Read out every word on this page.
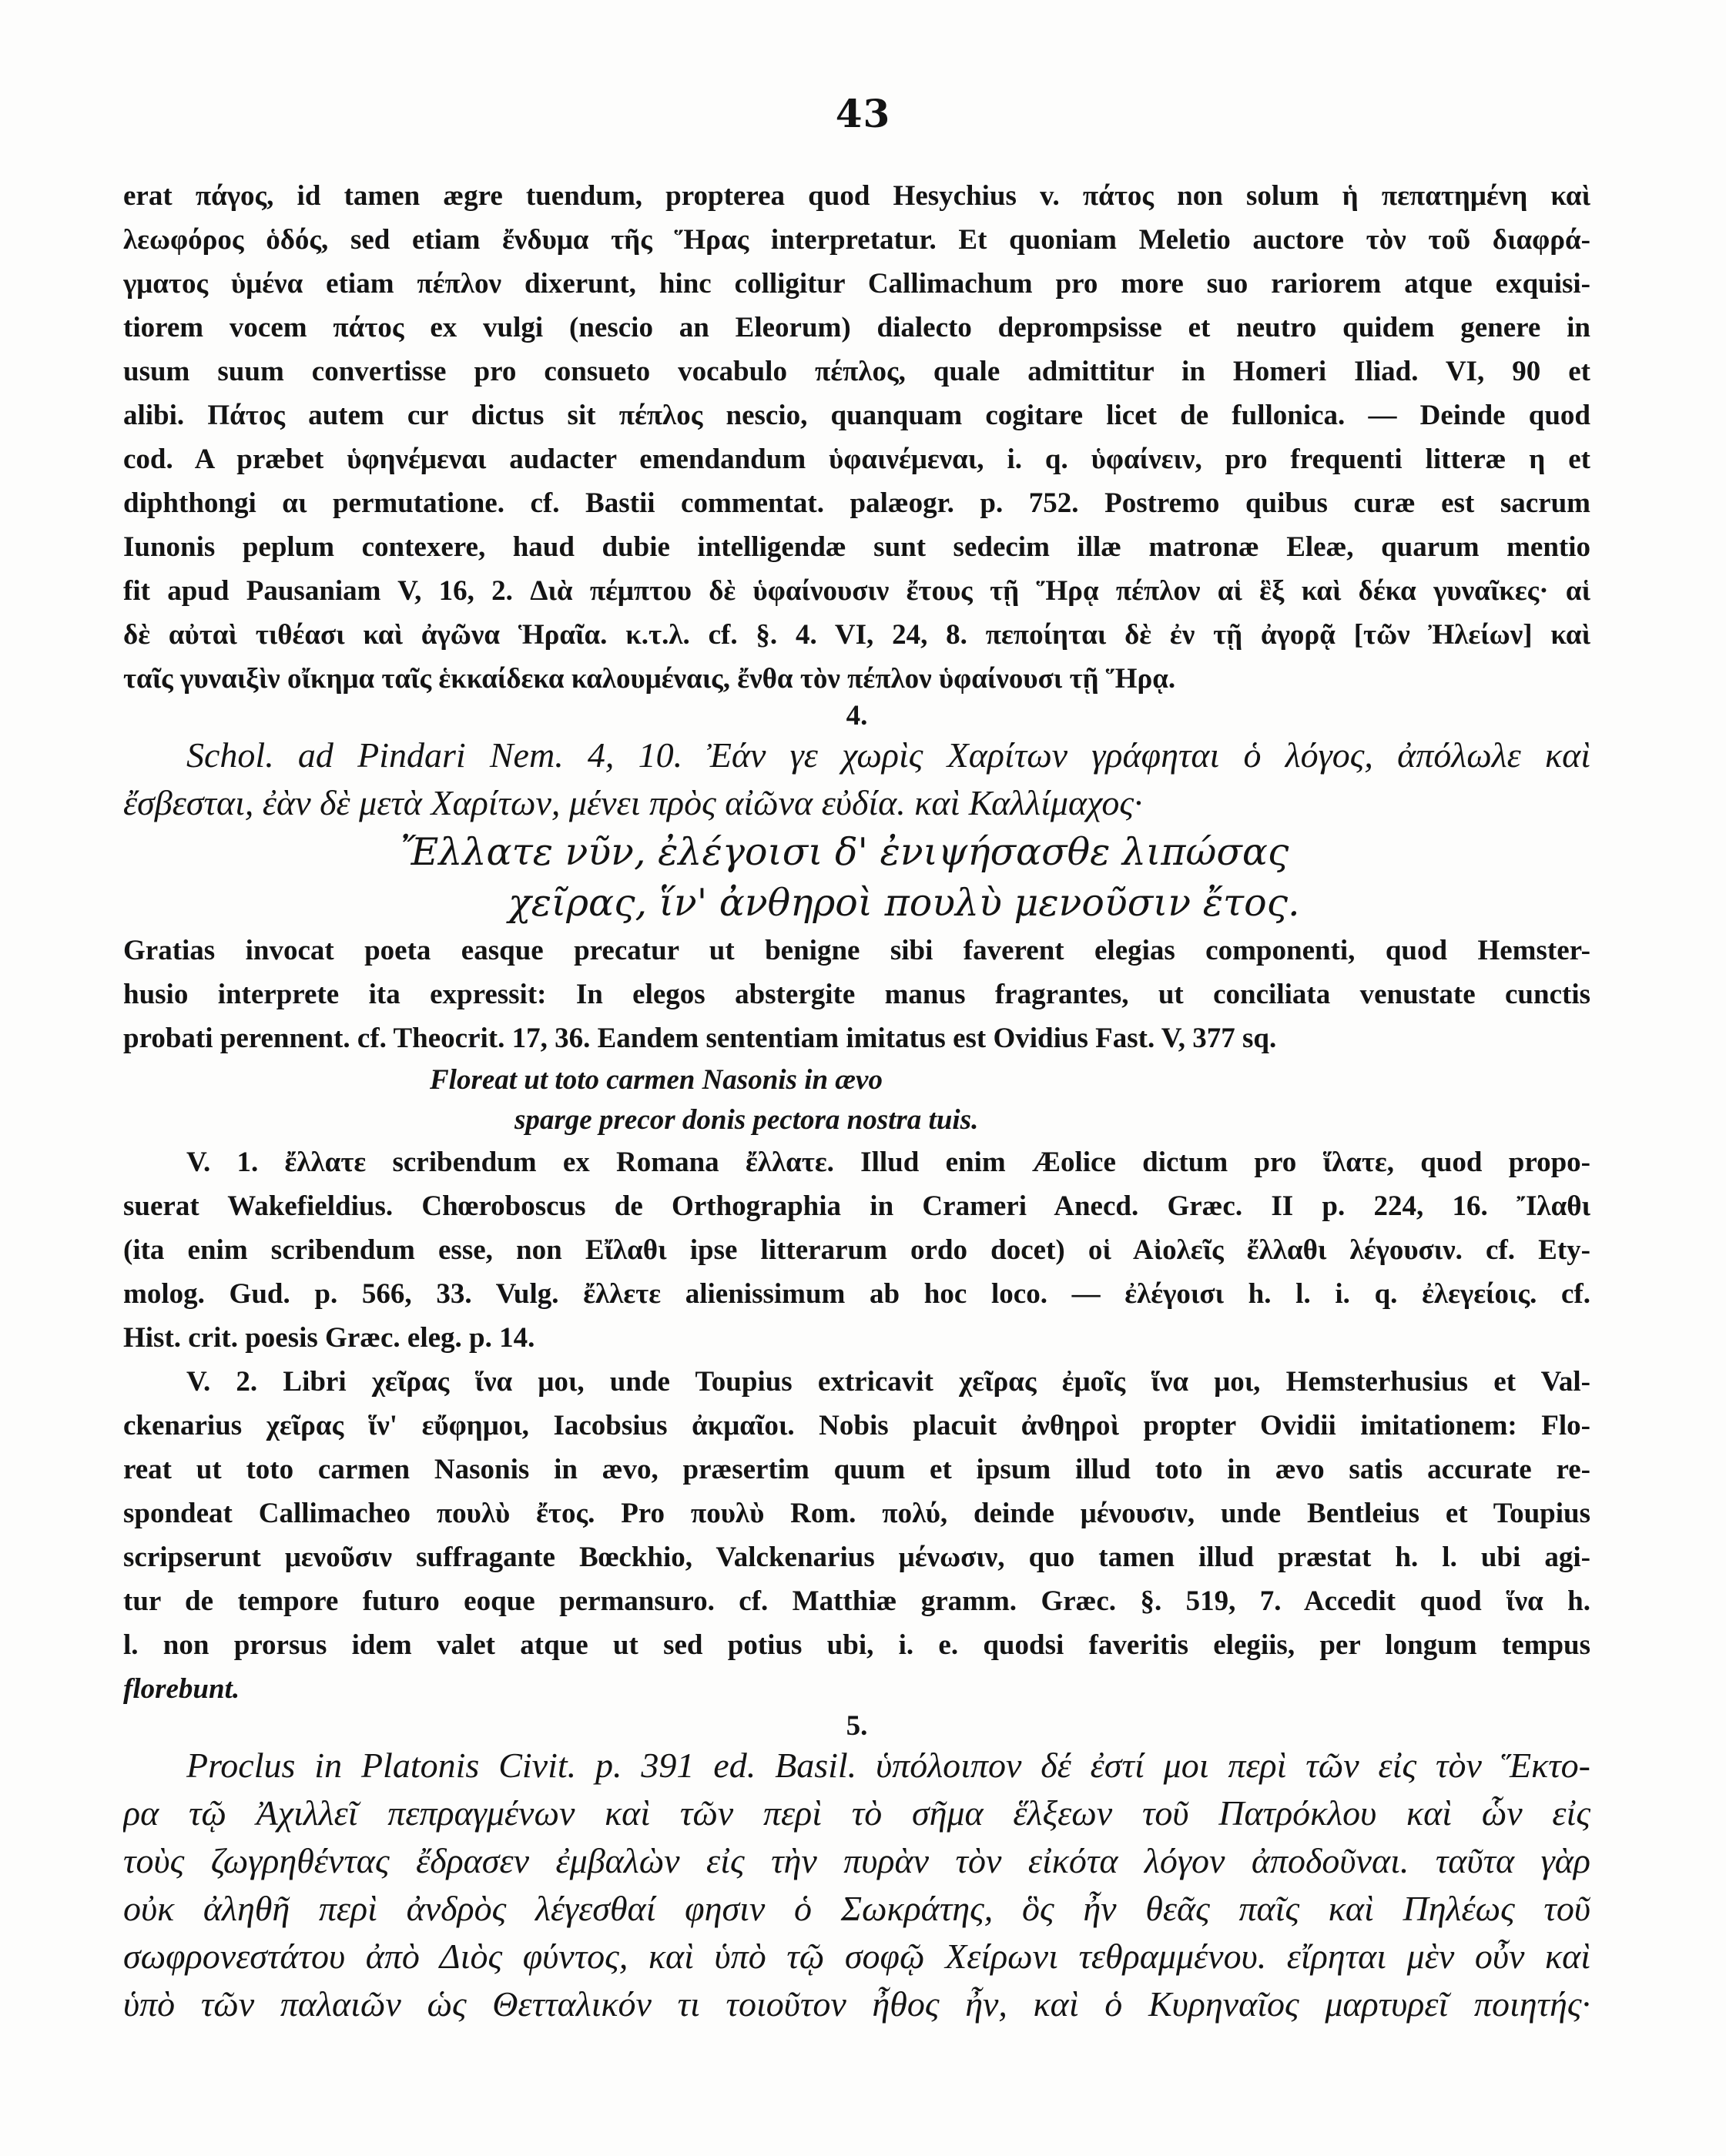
43
erat πάγος, id tamen ægre tuendum, propterea quod Hesychius v. πάτος non solum ἡ πεπατημένη καὶ
λεωφόρος ὁδός, sed etiam ἔνδυμα τῆς Ἥρας interpretatur. Et quoniam Meletio auctore τὸν τοῦ διαφρά-
γματος ὑμένα etiam πέπλον dixerunt, hinc colligitur Callimachum pro more suo rariorem atque exquisi-
tiorem vocem πάτος ex vulgi (nescio an Eleorum) dialecto deprompsisse et neutro quidem genere in
usum suum convertisse pro consueto vocabulo πέπλος, quale admittitur in Homeri Iliad. VI, 90 et
alibi. Πάτος autem cur dictus sit πέπλος nescio, quanquam cogitare licet de fullonica. — Deinde quod
cod. A præbet ὑφηνέμεναι audacter emendandum ὑφαινέμεναι, i. q. ὑφαίνειν, pro frequenti litteræ η et
diphthongi αι permutatione. cf. Bastii commentat. palæogr. p. 752. Postremo quibus curæ est sacrum
Iunonis peplum contexere, haud dubie intelligendæ sunt sedecim illæ matronæ Eleæ, quarum mentio
fit apud Pausaniam V, 16, 2. Διὰ πέμπτου δὲ ὑφαίνουσιν ἔτους τῇ Ἥρᾳ πέπλον αἱ ἓξ καὶ δέκα γυναῖκες· αἱ
δὲ αὐταὶ τιθέασι καὶ ἀγῶνα Ἡραῖα. κ.τ.λ. cf. §. 4. VI, 24, 8. πεποίηται δὲ ἐν τῇ ἀγορᾷ [τῶν Ἠλείων] καὶ
ταῖς γυναιξὶν οἴκημα ταῖς ἑκκαίδεκα καλουμέναις, ἔνθα τὸν πέπλον ὑφαίνουσι τῇ Ἥρᾳ.
4.
Schol. ad Pindari Nem. 4, 10. Ἐάν γε χωρὶς Χαρίτων γράφηται ὁ λόγος, ἀπόλωλε καὶ
ἔσβεσται, ἐὰν δὲ μετὰ Χαρίτων, μένει πρὸς αἰῶνα εὐδία. καὶ Καλλίμαχος·
Ἔλλατε νῦν, ἐλέγοισι δ' ἐνιψήσασθε λιπώσας
χεῖρας, ἵν' ἀνθηροὶ πουλὺ μενοῦσιν ἔτος.
Gratias invocat poeta easque precatur ut benigne sibi faverent elegias componenti, quod Hemster-
husio interprete ita expressit: In elegos abstergite manus fragrantes, ut conciliata venustate cunctis
probati perennent. cf. Theocrit. 17, 36. Eandem sententiam imitatus est Ovidius Fast. V, 377 sq.
Floreat ut toto carmen Nasonis in ævo
sparge precor donis pectora nostra tuis.
V. 1. ἔλλατε scribendum ex Romana ἔλλατε. Illud enim Æolice dictum pro ἵλατε, quod propo-
suerat Wakefieldius. Chœroboscus de Orthographia in Crameri Anecd. Græc. II p. 224, 16. Ἴλαθι
(ita enim scribendum esse, non Εἴλαθι ipse litterarum ordo docet) οἱ Αἰολεῖς ἔλλαθι λέγουσιν. cf. Ety-
molog. Gud. p. 566, 33. Vulg. ἔλλετε alienissimum ab hoc loco. — ἐλέγοισι h. l. i. q. ἐλεγείοις. cf.
Hist. crit. poesis Græc. eleg. p. 14.
V. 2. Libri χεῖρας ἵνα μοι, unde Toupius extricavit χεῖρας ἐμοῖς ἵνα μοι, Hemsterhusius et Val-
ckenarius χεῖρας ἵν' εὔφημοι, Iacobsius ἀκμαῖοι. Nobis placuit ἀνθηροὶ propter Ovidii imitationem: Flo-
reat ut toto carmen Nasonis in ævo, præsertim quum et ipsum illud toto in ævo satis accurate re-
spondeat Callimacheo πουλὺ ἔτος. Pro πουλὺ Rom. πολύ, deinde μένουσιν, unde Bentleius et Toupius
scripserunt μενοῦσιν suffragante Bœckhio, Valckenarius μένωσιν, quo tamen illud præstat h. l. ubi agi-
tur de tempore futuro eoque permansuro. cf. Matthiæ gramm. Græc. §. 519, 7. Accedit quod ἵνα h.
l. non prorsus idem valet atque ut sed potius ubi, i. e. quodsi faveritis elegiis, per longum tempus
florebunt.
5.
Proclus in Platonis Civit. p. 391 ed. Basil. ὑπόλοιπον δέ ἐστί μοι περὶ τῶν εἰς τὸν Ἕκτο-
ρα τῷ Ἀχιλλεῖ πεπραγμένων καὶ τῶν περὶ τὸ σῆμα ἕλξεων τοῦ Πατρόκλου καὶ ὧν εἰς
τοὺς ζωγρηθέντας ἔδρασεν ἐμβαλὼν εἰς τὴν πυρὰν τὸν εἰκότα λόγον ἀποδοῦναι. ταῦτα γὰρ
οὐκ ἀληθῆ περὶ ἀνδρὸς λέγεσθαί φησιν ὁ Σωκράτης, ὃς ἦν θεᾶς παῖς καὶ Πηλέως τοῦ
σωφρονεστάτου ἀπὸ Διὸς φύντος, καὶ ὑπὸ τῷ σοφῷ Χείρωνι τεθραμμένου. εἴρηται μὲν οὖν καὶ
ὑπὸ τῶν παλαιῶν ὡς Θετταλικόν τι τοιοῦτον ἦθος ἦν, καὶ ὁ Κυρηναῖος μαρτυρεῖ ποιητής·
